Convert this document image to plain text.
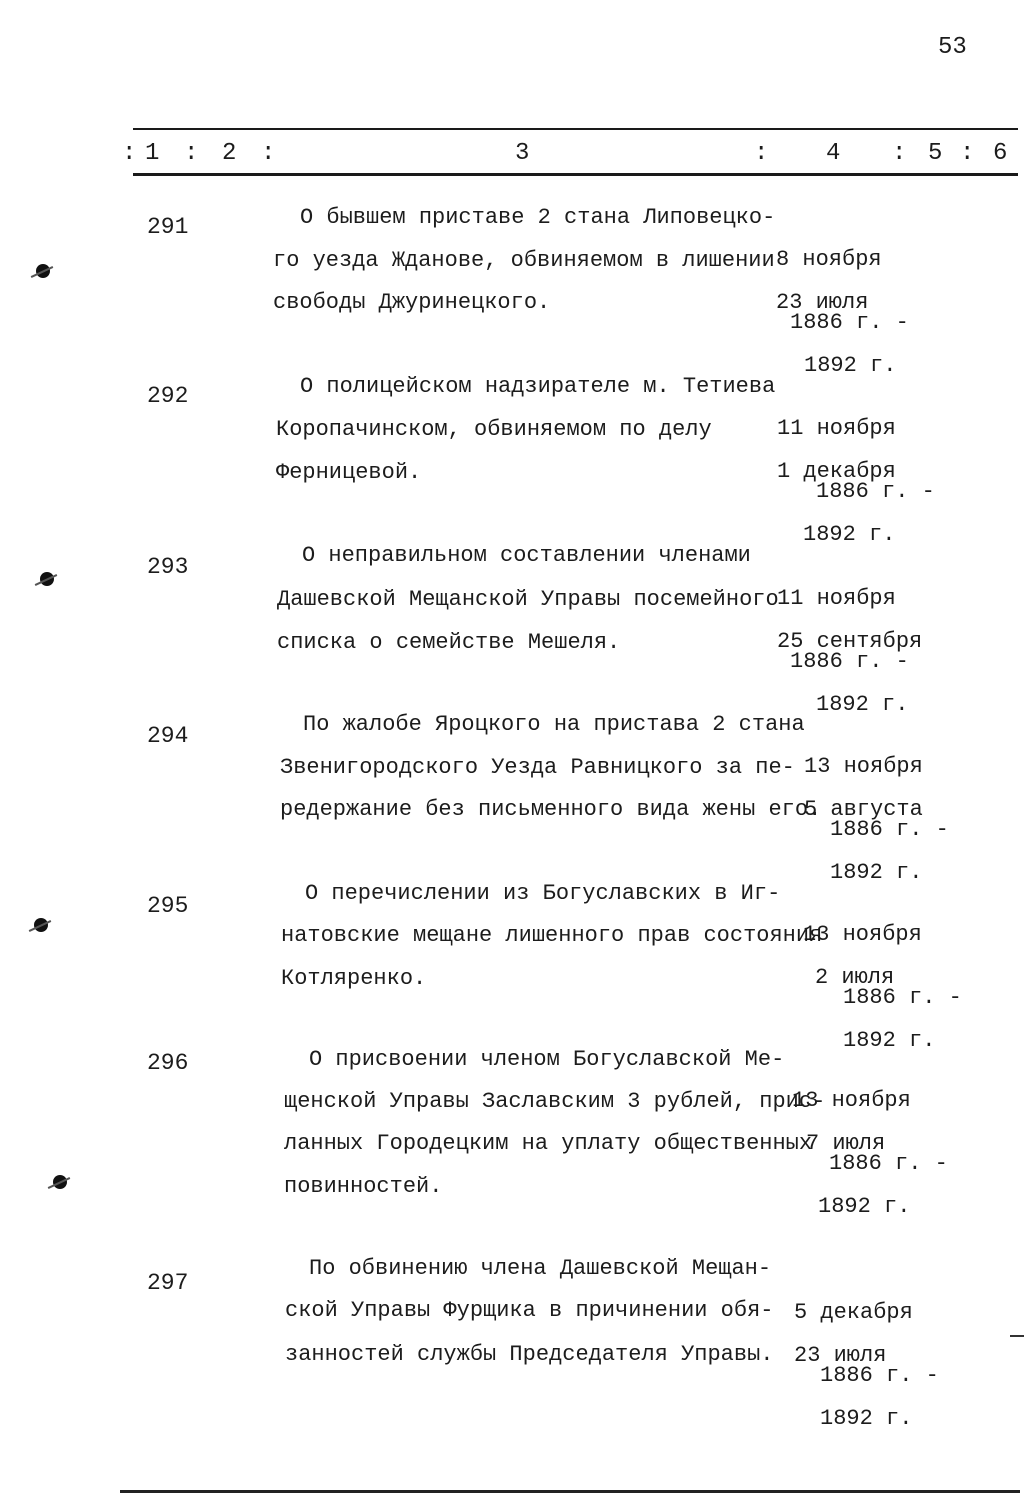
53
: 1 : 2 :	3	: 4 : 5 : 6
291	О бывшем приставе 2 стана Липовецко-
го уезда Жданове, обвиняемом в лишении
свободы Джуринецкого.

8 ноября

1886 г. -

23 июля

1892 г.

292	О полицейском надзирателе м. Тетиева
Коропачинском, обвиняемом по делу
Ферницевой.

11 ноября

1886 г. -

1 декабря

1892 г.

293	О неправильном составлении членами
Дашевской Мещанской Управы посемейного
списка о семействе Мешеля.

11 ноября

1886 г. -

25 сентября

1892 г.

294	По жалобе Яроцкого на пристава 2 стана
Звенигородского Уезда Равницкого за пе-
редержание без письменного вида жены его.

13 ноября

1886 г. -

5 августа

1892 г.

295	О перечислении из Богуславских в Иг-
натовские мещане лишенного прав состояния
Котляренко.

13 ноября

1886 г. -

2 июля

1892 г.

296	О присвоении членом Богуславской Ме-
щенской Управы Заславским 3 рублей, прис-
ланных Городецким на уплату общественных
повинностей.

13 ноября

1886 г. -

7 июля

1892 г.

297
По обвинению члена Дашевской Мещан-
ской Управы Фурщика в причинении обя-
занностей службы Председателя Управы.

5 декабря

1886 г. -

23 июля

1892 г.
